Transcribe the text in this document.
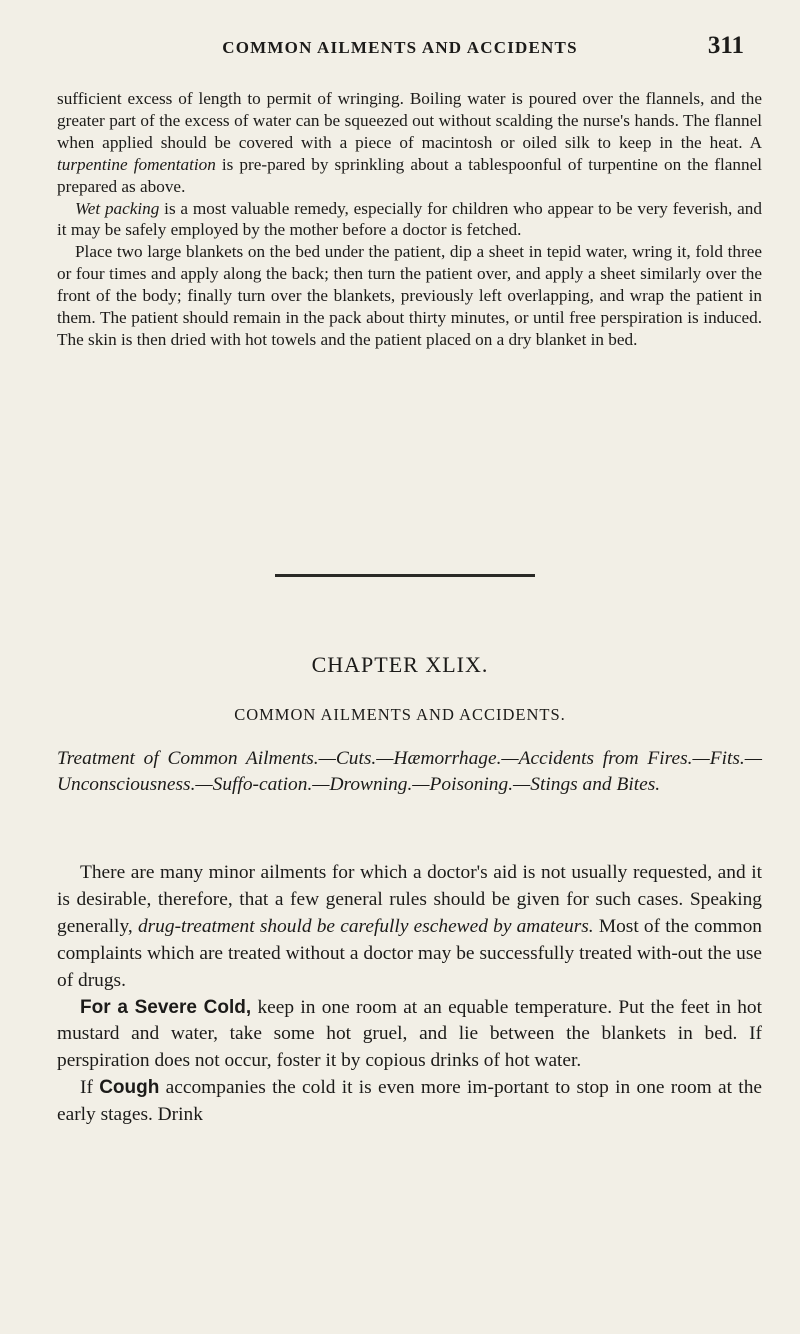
COMMON AILMENTS AND ACCIDENTS	311

sufficient excess of length to permit of wringing. Boiling water is poured over the flannels, and the greater part of the excess of water can be squeezed out without scalding the nurse's hands. The flannel when applied should be covered with a piece of macintosh or oiled silk to keep in the heat. A turpentine fomentation is pre-pared by sprinkling about a tablespoonful of turpentine on the flannel prepared as above.

Wet packing is a most valuable remedy, especially for children who appear to be very feverish, and it may be safely employed by the mother before a doctor is fetched.

Place two large blankets on the bed under the patient, dip a sheet in tepid water, wring it, fold three or four times and apply along the back; then turn the patient over, and apply a sheet similarly over the front of the body; finally turn over the blankets, previously left overlapping, and wrap the patient in them. The patient should remain in the pack about thirty minutes, or until free perspiration is induced. The skin is then dried with hot towels and the patient placed on a dry blanket in bed.

CHAPTER XLIX.
COMMON AILMENTS AND ACCIDENTS.
Treatment of Common Ailments.—Cuts.—Hæmorrhage.—Accidents from Fires.—Fits.—Unconsciousness.—Suffo-cation.—Drowning.—Poisoning.—Stings and Bites.

There are many minor ailments for which a doctor's aid is not usually requested, and it is desirable, therefore, that a few general rules should be given for such cases. Speaking generally, drug-treatment should be carefully eschewed by amateurs. Most of the common complaints which are treated without a doctor may be successfully treated with-out the use of drugs.

For a Severe Cold, keep in one room at an equable temperature. Put the feet in hot mustard and water, take some hot gruel, and lie between the blankets in bed. If perspiration does not occur, foster it by copious drinks of hot water.

If Cough accompanies the cold it is even more im-portant to stop in one room at the early stages. Drink
